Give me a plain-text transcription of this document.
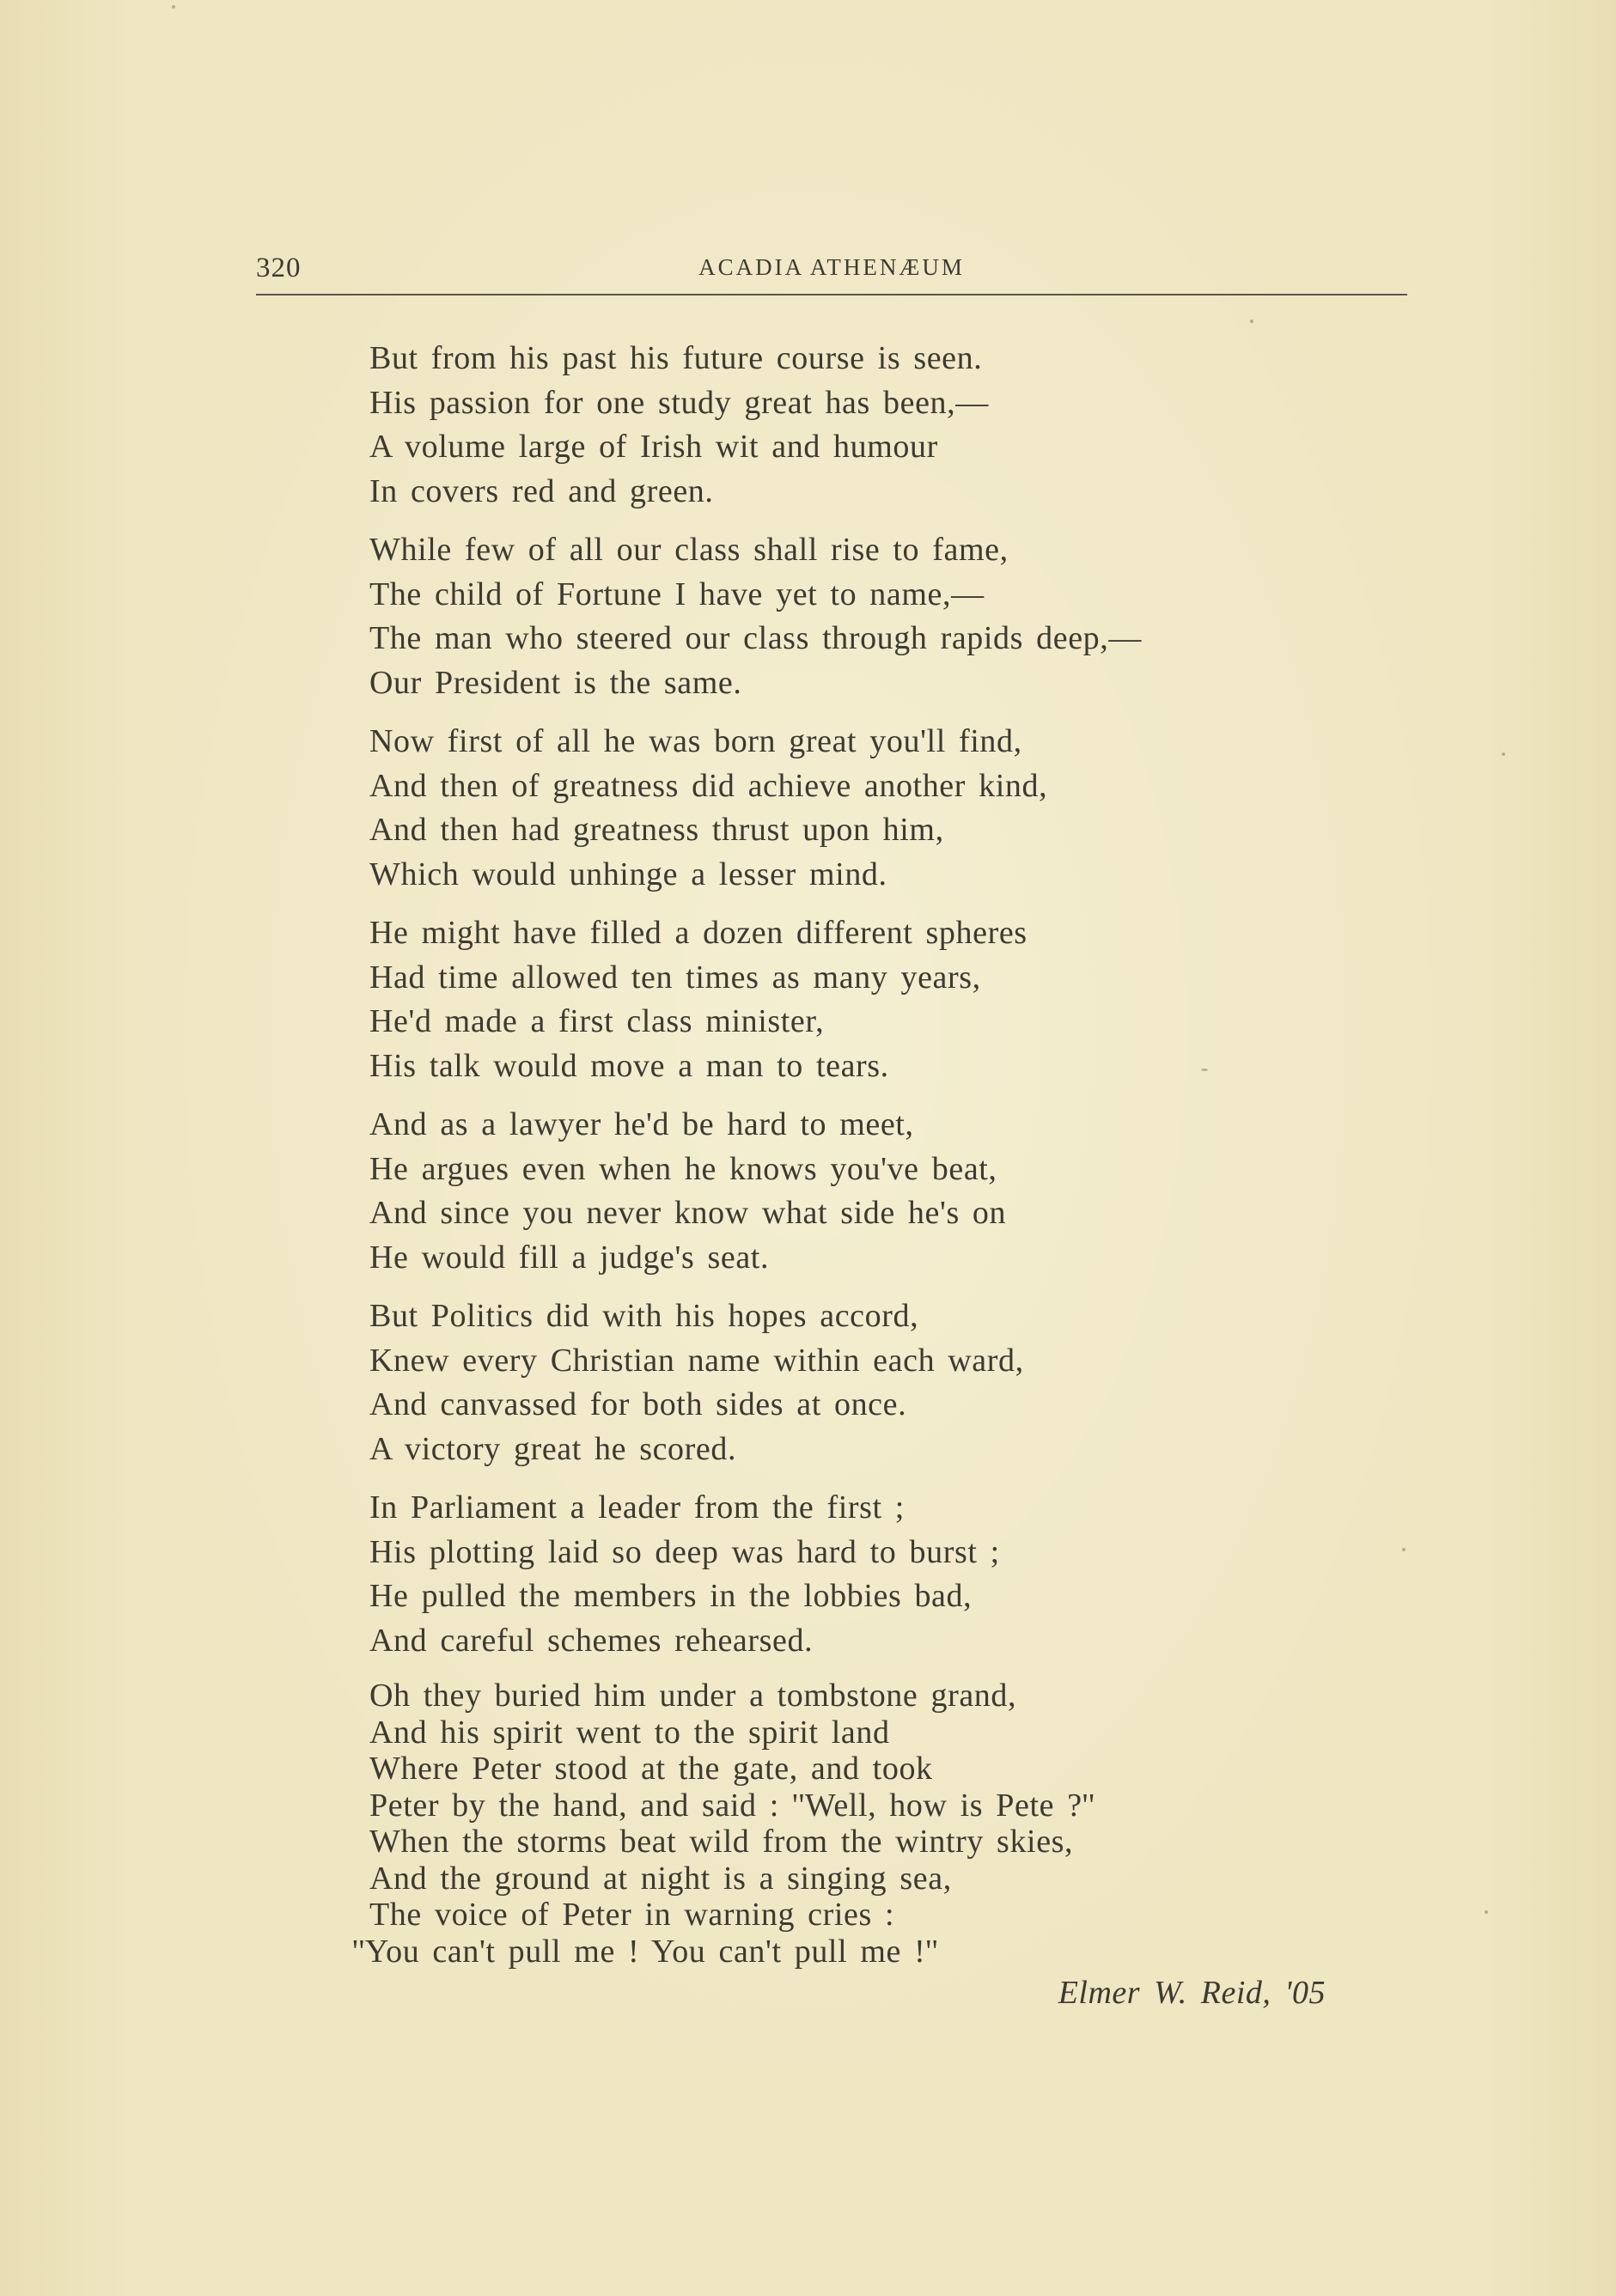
320	ACADIA ATHENÆUM
But from his past his future course is seen.
His passion for one study great has been,—
A volume large of Irish wit and humour
In covers red and green.
While few of all our class shall rise to fame,
The child of Fortune I have yet to name,—
The man who steered our class through rapids deep,—
Our President is the same.
Now first of all he was born great you'll find,
And then of greatness did achieve another kind,
And then had greatness thrust upon him,
Which would unhinge a lesser mind.
He might have filled a dozen different spheres
Had time allowed ten times as many years,
He'd made a first class minister,
His talk would move a man to tears.
And as a lawyer he'd be hard to meet,
He argues even when he knows you've beat,
And since you never know what side he's on
He would fill a judge's seat.
But Politics did with his hopes accord,
Knew every Christian name within each ward,
And canvassed for both sides at once.
A victory great he scored.
In Parliament a leader from the first ;
His plotting laid so deep was hard to burst ;
He pulled the members in the lobbies bad,
And careful schemes rehearsed.
Oh they buried him under a tombstone grand,
And his spirit went to the spirit land
Where Peter stood at the gate, and took
Peter by the hand, and said : ''Well, how is Pete ?''
When the storms beat wild from the wintry skies,
And the ground at night is a singing sea,
The voice of Peter in warning cries :
''You can't pull me ! You can't pull me !''
Elmer W. Reid, '05
